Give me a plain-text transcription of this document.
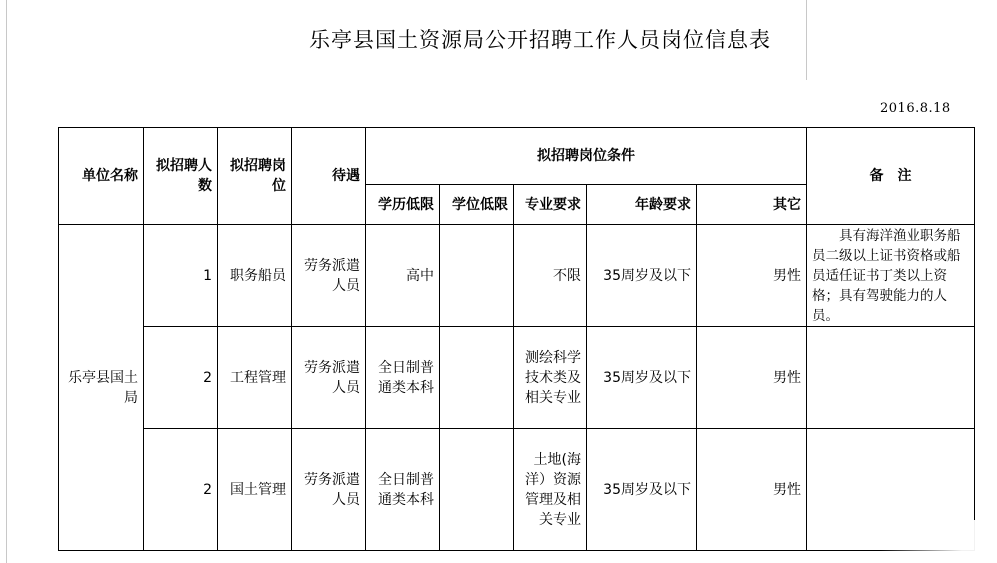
乐亭县国土资源局公开招聘工作人员岗位信息表
2016.8.18
单位名称	拟招聘人数	拟招聘岗位	待遇	拟招聘岗位条件					备　注
				学历低限	学位低限	专业要求	年龄要求	其它	
乐亭县国土局	1	职务船员	劳务派遣人员	高中		不限	35周岁及以下	男性	具有海洋渔业职务船员二级以上证书资格或船员适任证书丁类以上资格；具有驾驶能力的人员。
	2	工程管理	劳务派遣人员	全日制普通类本科		测绘科学技术类及相关专业	35周岁及以下	男性	
	2	国土管理	劳务派遣人员	全日制普通类本科		土地(海洋）资源管理及相关专业	35周岁及以下	男性	
